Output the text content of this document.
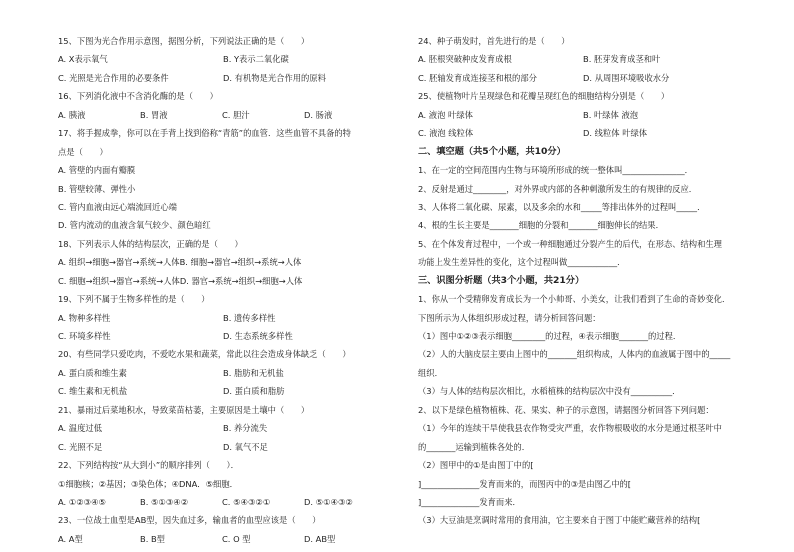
15、下图为光合作用示意图，据图分析，下列说法正确的是（　　）
A. X表示氧气	B. Y表示二氧化碳
C. 光照是光合作用的必要条件	D. 有机物是光合作用的原料
16、下列消化液中不含消化酶的是（　　）
A. 胰液	B. 胃液	C. 胆汁	D. 肠液
17、将手握成拳，你可以在手背上找到俗称“青筋”的血管．这些血管不具备的特
点是（　　）
A. 管壁的内面有瓣膜
B. 管壁较薄、弹性小
C. 管内血液由远心端流回近心端
D. 管内流动的血液含氧气较少、颜色暗红
18、下列表示人体的结构层次，正确的是（　　）
A. 组织→细胞→器官→系统→人体B. 细胞→器官→组织→系统→人体
C. 细胞→组织→器官→系统→人体D. 器官→系统→组织→细胞→人体
19、下列不属于生物多样性的是（　　）
A. 物种多样性	B. 遗传多样性
C. 环境多样性	D. 生态系统多样性
20、有些同学只爱吃肉，不爱吃水果和蔬菜，常此以往会造成身体缺乏（　　）
A. 蛋白质和维生素	B. 脂肪和无机盐
C. 维生素和无机盐	D. 蛋白质和脂肪
21、暴雨过后菜地积水，导致菜苗枯萎，主要原因是土壤中（　　）
A. 温度过低	B. 养分流失
C. 光照不足	D. 氧气不足
22、下列结构按“从大到小”的顺序排列（　　）．
①细胞核；②基因；③染色体；④DNA．⑤细胞．
A. ①②③④⑤	B. ⑤①③④②	C. ⑤④③②①	D. ⑤①④③②
23、一位战士血型是AB型，因失血过多，输血者的血型应该是（　　）
A. A型	B. B型	C. O 型	D. AB型
24、种子萌发时，首先进行的是（　　）
A. 胚根突破种皮发育成根	B. 胚芽发育成茎和叶
C. 胚轴发育成连接茎和根的部分	D. 从周围环境吸收水分
25、使植物叶片呈现绿色和花瓣呈现红色的细胞结构分别是（　　）
A. 液泡 叶绿体	B. 叶绿体 液泡
C. 液泡 线粒体	D. 线粒体 叶绿体
二、填空题（共5个小题，共10分）
1、在一定的空间范围内生物与环境所形成的统一整体叫_______________．
2、反射是通过________，对外界或内部的各种刺激所发生的有规律的反应．
3、人体将二氧化碳、尿素，以及多余的水和_____等排出体外的过程叫_____．
4、根的生长主要是_______细胞的分裂和_______细胞伸长的结果．
5、在个体发育过程中，一个或一种细胞通过分裂产生的后代，在形态、结构和生理
功能上发生差异性的变化，这个过程叫做____________．
三、识图分析题（共3个小题，共21分）
1、你从一个受精卵发育成长为一个小帅哥、小美女，让我们看到了生命的奇妙变化．
下图所示为人体组织形成过程，请分析回答问题：
（1）图中①②③表示细胞________的过程，④表示细胞_______的过程．
（2）人的大脑皮层主要由上图中的_______组织构成，人体内的血液属于图中的_____
组织．
（3）与人体的结构层次相比，水稻植株的结构层次中没有__________．
2、以下是绿色植物植株、花、果实、种子的示意图，请据图分析回答下列问题：
（1）今年的连续干旱使我县农作物受灾严重，农作物根吸收的水分是通过根茎叶中
的_______运输到植株各处的．
（2）图甲中的①是由图丁中的[
]______________发育而来的，而图丙中的③是由图乙中的[
]______________发育而来．
（3）大豆油是烹调时常用的食用油，它主要来自于图丁中能贮藏营养的结构[
